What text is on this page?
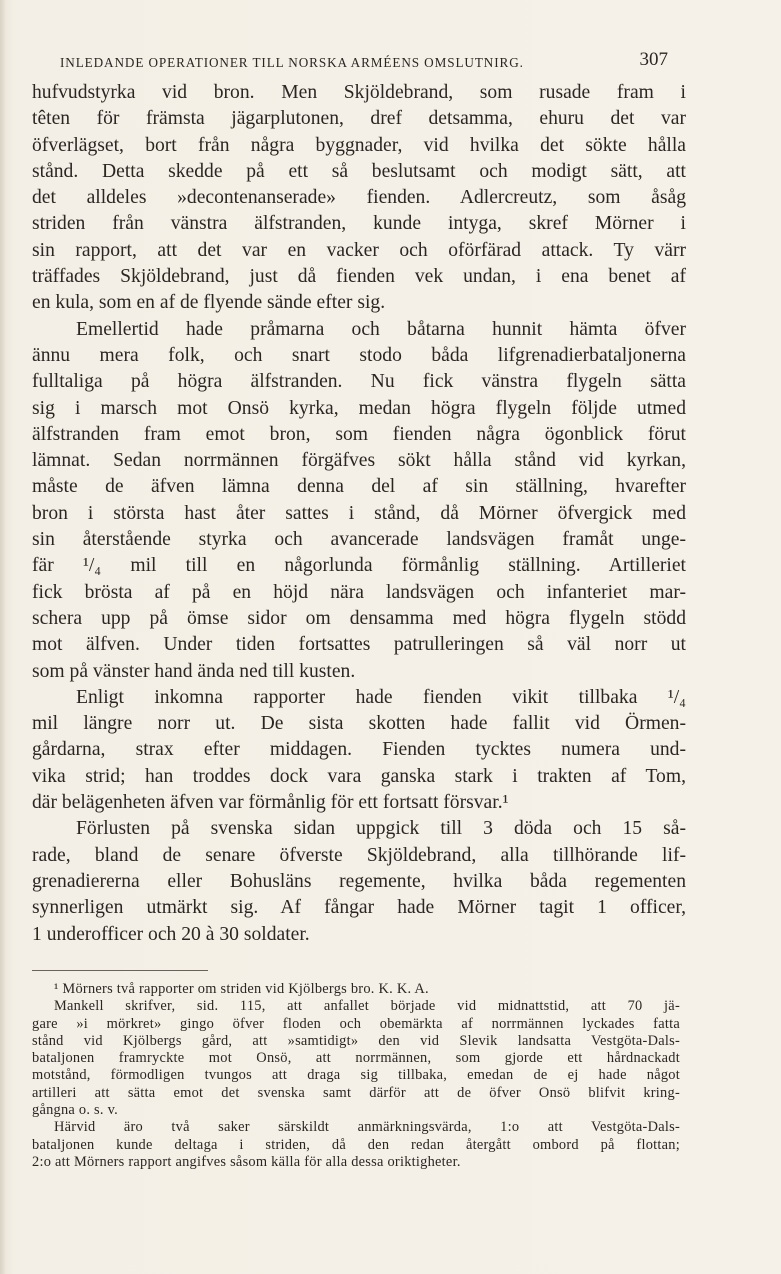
INLEDANDE OPERATIONER TILL NORSKA ARMÉENS OMSLUTNIRG.	307
hufvudstyrka vid bron. Men Skjöldebrand, som rusade fram i
têten för främsta jägarplutonen, dref detsamma, ehuru det var
öfverlägset, bort från några byggnader, vid hvilka det sökte hålla
stånd. Detta skedde på ett så beslutsamt och modigt sätt, att
det alldeles »decontenanserade» fienden. Adlercreutz, som åsåg
striden från vänstra älfstranden, kunde intyga, skref Mörner i
sin rapport, att det var en vacker och oförfärad attack. Ty värr
träffades Skjöldebrand, just då fienden vek undan, i ena benet af
en kula, som en af de flyende sände efter sig.
Emellertid hade pråmarna och båtarna hunnit hämta öfver
ännu mera folk, och snart stodo båda lifgrenadierbataljonerna
fulltaliga på högra älfstranden. Nu fick vänstra flygeln sätta
sig i marsch mot Onsö kyrka, medan högra flygeln följde utmed
älfstranden fram emot bron, som fienden några ögonblick förut
lämnat. Sedan norrmännen förgäfves sökt hålla stånd vid kyrkan,
måste de äfven lämna denna del af sin ställning, hvarefter
bron i största hast åter sattes i stånd, då Mörner öfvergick med
sin återstående styrka och avancerade landsvägen framåt unge-
fär ¹/₄ mil till en någorlunda förmånlig ställning. Artilleriet
fick brösta af på en höjd nära landsvägen och infanteriet mar-
schera upp på ömse sidor om densamma med högra flygeln stödd
mot älfven. Under tiden fortsattes patrulleringen så väl norr ut
som på vänster hand ända ned till kusten.
Enligt inkomna rapporter hade fienden vikit tillbaka ¹/₄
mil längre norr ut. De sista skotten hade fallit vid Örmen-
gårdarna, strax efter middagen. Fienden tycktes numera und-
vika strid; han troddes dock vara ganska stark i trakten af Tom,
där belägenheten äfven var förmånlig för ett fortsatt försvar.¹
Förlusten på svenska sidan uppgick till 3 döda och 15 så-
rade, bland de senare öfverste Skjöldebrand, alla tillhörande lif-
grenadiererna eller Bohusläns regemente, hvilka båda regementen
synnerligen utmärkt sig. Af fångar hade Mörner tagit 1 officer,
1 underofficer och 20 à 30 soldater.
¹ Mörners två rapporter om striden vid Kjölbergs bro. K. K. A.
Mankell skrifver, sid. 115, att anfallet började vid midnattstid, att 70 jä-
gare »i mörkret» gingo öfver floden och obemärkta af norrmännen lyckades fatta
stånd vid Kjölbergs gård, att »samtidigt» den vid Slevik landsatta Vestgöta-Dals-
bataljonen framryckte mot Onsö, att norrmännen, som gjorde ett hårdnackadt
motstånd, förmodligen tvungos att draga sig tillbaka, emedan de ej hade något
artilleri att sätta emot det svenska samt därför att de öfver Onsö blifvit kring-
gångna o. s. v.
Härvid äro två saker särskildt anmärkningsvärda, 1:o att Vestgöta-Dals-
bataljonen kunde deltaga i striden, då den redan återgått ombord på flottan;
2:o att Mörners rapport angifves såsom källa för alla dessa oriktigheter.
